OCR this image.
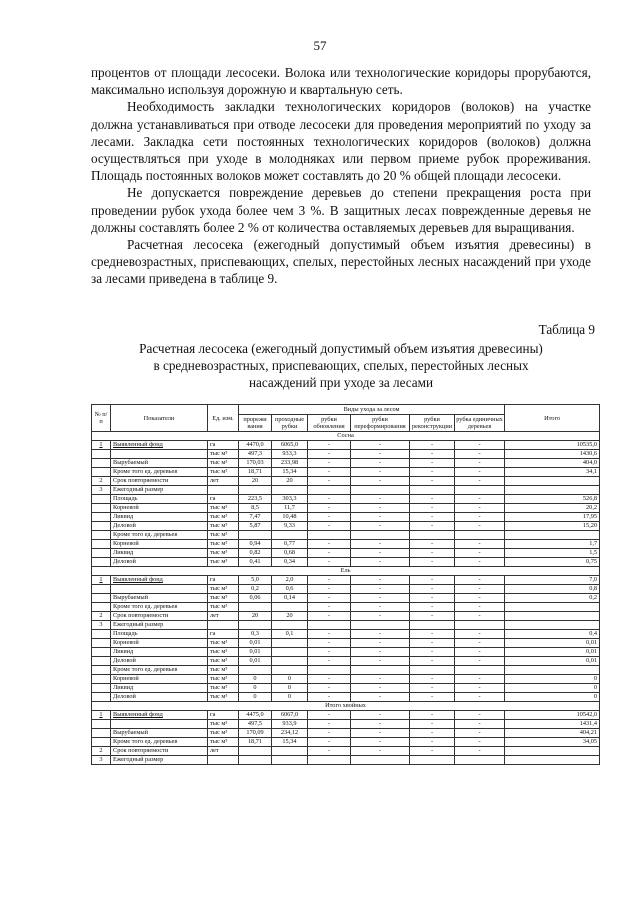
57

процентов от площади лесосеки. Волока или технологические коридоры прорубаются, максимально используя дорожную и квартальную сеть.

Необходимость закладки технологических коридоров (волоков) на участке должна устанавливаться при отводе лесосеки для проведения мероприятий по уходу за лесами. Закладка сети постоянных технологических коридоров (волоков) должна осуществляться при уходе в молодняках или первом приеме рубок прореживания. Площадь постоянных волоков может составлять до 20 % общей площади лесосеки.

Не допускается повреждение деревьев до степени прекращения роста при проведении рубок ухода более чем 3 %. В защитных лесах поврежденные деревья не должны составлять более 2 % от количества оставляемых деревьев для выращивания.

Расчетная лесосека (ежегодный допустимый объем изъятия древесины) в средневозрастных, приспевающих, спелых, перестойных лесных насаждений при уходе за лесами приведена в таблице 9.

Таблица 9
Расчетная лесосека (ежегодный допустимый объем изъятия древесины)
в средневозрастных, приспевающих, спелых, перестойных лесных
насаждений при уходе за лесами
№ п/п	Показатели	Ед. изм.	Виды ухода за лесом						Итого
			прорежи вания	проходные рубки	рубки обновления	рубки переформирования	рубки реконструкции	рубка единичных деревьев	
Сосна									
1	Выявленный фонд	га	4470,0	6065,0	-	-	-	-	10535,0
		тыс м³	497,3	933,3	-	-	-	-	1430,6
	Вырубаемый	тыс м³	170,03	233,98	-	-	-	-	404,0
	Кроме того ед. деревьев	тыс м³	18,71	15,34	-	-	-	-	34,1
2	Срок повторяемости	лет	20	20	-	-	-	-	
3	Ежегодный размер								
	Площадь	га	223,5	303,3	-	-	-	-	526,8
	Корневой	тыс м³	8,5	11,7	-	-	-	-	20,2
	Ликвид	тыс м³	7,47	10,48	-	-	-	-	17,95
	Деловой	тыс м³	5,87	9,33	-	-	-	-	15,20
	Кроме того ед. деревьев	тыс м³							
	Корневой	тыс м³	0,94	0,77	-	-	-	-	1,7
	Ликвид	тыс м³	0,82	0,68	-	-	-	-	1,5
	Деловой	тыс м³	0,41	0,34	-	-	-	-	0,75
Ель									
1	Выявленный фонд	га	5,0	2,0	-	-	-	-	7,0
		тыс м³	0,2	0,6	-	-	-	-	0,8
	Вырубаемый	тыс м³	0,06	0,14	-	-	-	-	0,2
	Кроме того ед. деревьев	тыс м³			-	-	-	-	
2	Срок повторяемости	лет	20	20	-	-	-	-	
3	Ежегодный размер								
	Площадь	га	0,3	0,1	-	-	-	-	0,4
	Корневой	тыс м³	0,01		-	-	-	-	0,01
	Ликвид	тыс м³	0,01		-	-	-	-	0,01
	Деловой	тыс м³	0,01		-	-	-	-	0,01
	Кроме того ед. деревьев	тыс м³							
	Корневой	тыс м³	0	0	-	-	-	-	0
	Ликвид	тыс м³	0	0	-	-	-	-	0
	Деловой	тыс м³	0	0	-	-	-	-	0
Итого хвойных									
1	Выявленный фонд	га	4475,0	6067,0	-	-	-	-	10542,0
		тыс м³	497,5	933,9	-	-	-	-	1431,4
	Вырубаемый	тыс м³	170,09	234,12	-	-	-	-	404,21
	Кроме того ед. деревьев	тыс м³	18,71	15,34	-	-	-	-	34,05
2	Срок повторяемости	лет			-	-	-	-	
3	Ежегодный размер								
